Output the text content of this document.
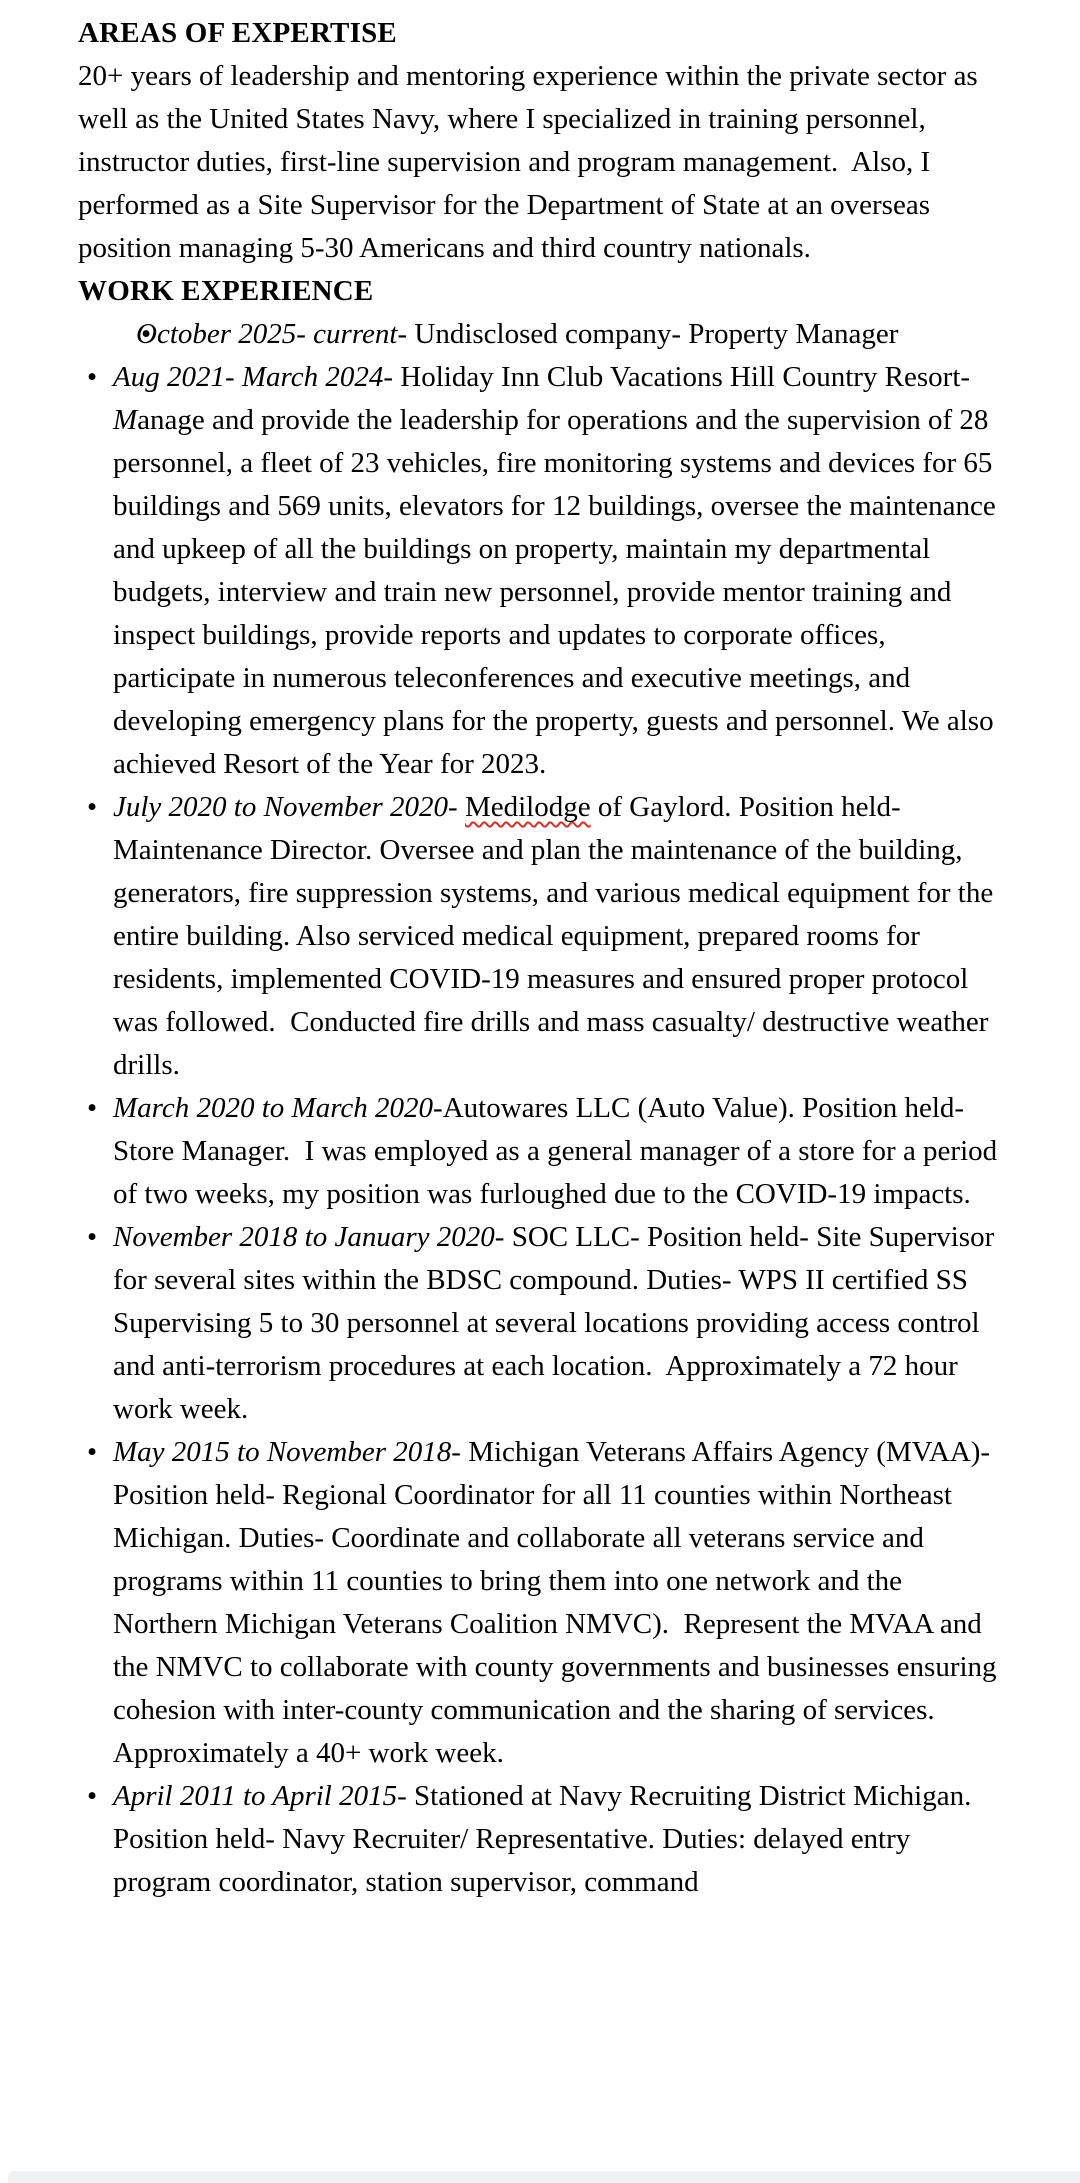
AREAS OF EXPERTISE

20+ years of leadership and mentoring experience within the private sector as well as the United States Navy, where I specialized in training personnel, instructor duties, first-line supervision and program management.  Also, I performed as a Site Supervisor for the Department of State at an overseas position managing 5-30 Americans and third country nationals.

WORK EXPERIENCE
• October 2025- current- Undisclosed company- Property Manager
• Aug 2021- March 2024- Holiday Inn Club Vacations Hill Country Resort- Manage and provide the leadership for operations and the supervision of 28 personnel, a fleet of 23 vehicles, fire monitoring systems and devices for 65 buildings and 569 units, elevators for 12 buildings, oversee the maintenance and upkeep of all the buildings on property, maintain my departmental budgets, interview and train new personnel, provide mentor training and inspect buildings, provide reports and updates to corporate offices, participate in numerous teleconferences and executive meetings, and developing emergency plans for the property, guests and personnel. We also achieved Resort of the Year for 2023.
• July 2020 to November 2020- Medilodge of Gaylord. Position held- Maintenance Director. Oversee and plan the maintenance of the building, generators, fire suppression systems, and various medical equipment for the entire building. Also serviced medical equipment, prepared rooms for residents, implemented COVID-19 measures and ensured proper protocol was followed.  Conducted fire drills and mass casualty/ destructive weather drills.
• March 2020 to March 2020-Autowares LLC (Auto Value). Position held- Store Manager.  I was employed as a general manager of a store for a period of two weeks, my position was furloughed due to the COVID-19 impacts.
• November 2018 to January 2020- SOC LLC- Position held- Site Supervisor for several sites within the BDSC compound. Duties- WPS II certified SS Supervising 5 to 30 personnel at several locations providing access control and anti-terrorism procedures at each location.  Approximately a 72 hour work week.
• May 2015 to November 2018- Michigan Veterans Affairs Agency (MVAA)- Position held- Regional Coordinator for all 11 counties within Northeast Michigan. Duties- Coordinate and collaborate all veterans service and programs within 11 counties to bring them into one network and the Northern Michigan Veterans Coalition NMVC).  Represent the MVAA and the NMVC to collaborate with county governments and businesses ensuring cohesion with inter-county communication and the sharing of services. Approximately a 40+ work week.
• April 2011 to April 2015- Stationed at Navy Recruiting District Michigan. Position held- Navy Recruiter/ Representative. Duties: delayed entry program coordinator, station supervisor, command
